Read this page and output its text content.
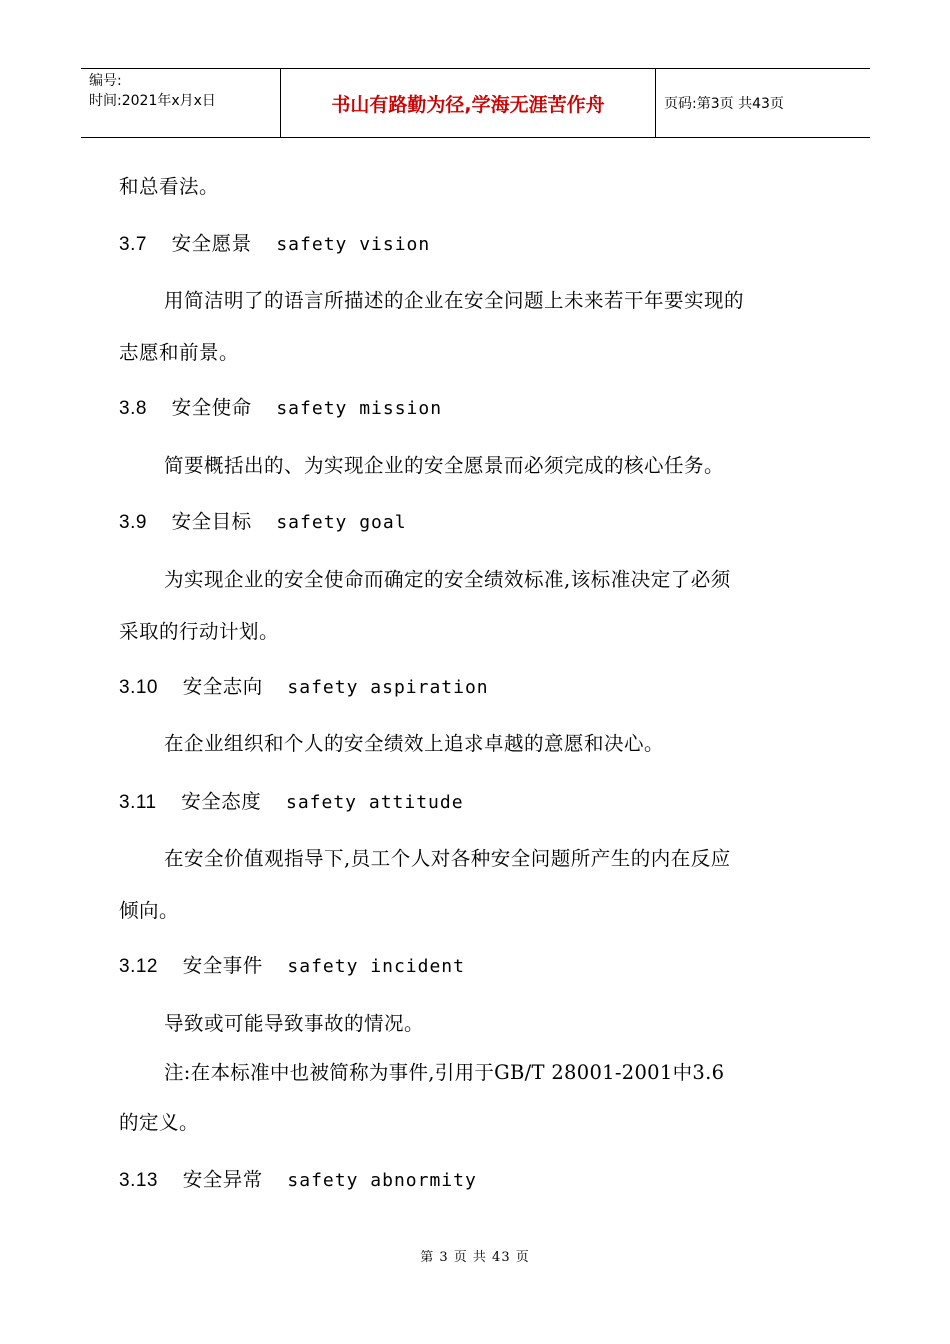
编号:
时间:2021年x月x日	书山有路勤为径,学海无涯苦作舟	页码:第3页 共43页
和总看法。
3.7 安全愿景 safety vision
用简洁明了的语言所描述的企业在安全问题上未来若干年要实现的
志愿和前景。
3.8 安全使命 safety mission
简要概括出的、为实现企业的安全愿景而必须完成的核心任务。
3.9 安全目标 safety goal
为实现企业的安全使命而确定的安全绩效标准,该标准决定了必须
采取的行动计划。
3.10 安全志向 safety aspiration
在企业组织和个人的安全绩效上追求卓越的意愿和决心。
3.11 安全态度 safety attitude
在安全价值观指导下,员工个人对各种安全问题所产生的内在反应
倾向。
3.12 安全事件 safety incident
导致或可能导致事故的情况。
注:在本标准中也被简称为事件,引用于GB/T 28001-2001中3.6
的定义。
3.13 安全异常 safety abnormity
第 3 页 共 43 页
